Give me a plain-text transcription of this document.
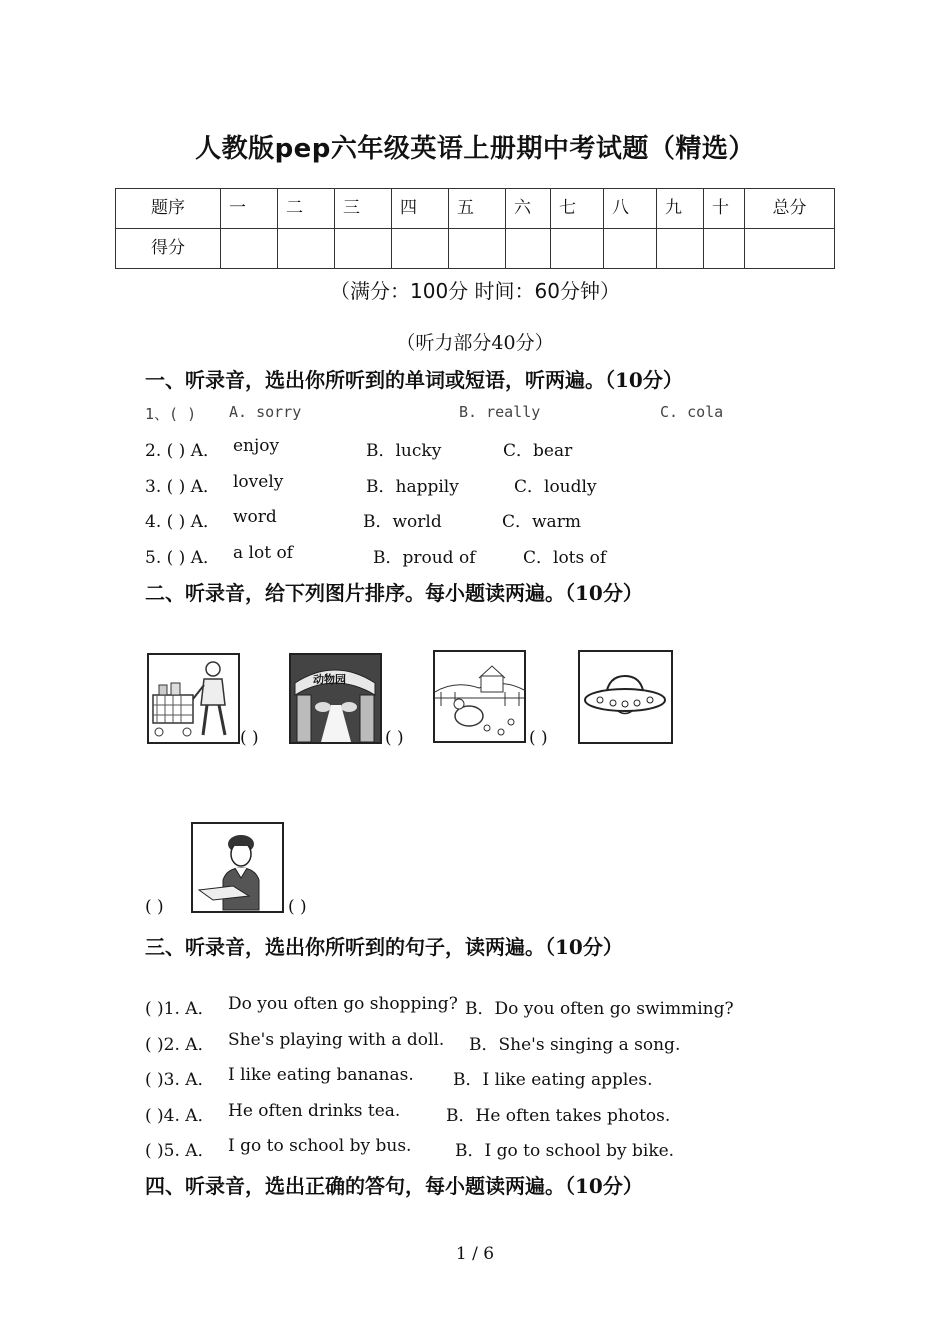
人教版pep六年级英语上册期中考试题（精选）
题序	一	二	三	四	五	六	七	八	九	十	总分
得分											
（满分：100分 时间：60分钟）
（听力部分40分）
一、听录音，选出你所听到的单词或短语，听两遍。（10分）
1、( ) A. sorry	B. really	C. cola
2. ( ) A． enjoy	B．lucky	C．bear
3. ( ) A． lovely	B．happily	C．loudly
4. ( ) A． word	B．world	C．warm
5. ( ) A． a lot of	B．proud of	C．lots of
二、听录音，给下列图片排序。每小题读两遍。（10分）
( )
动物园
( )	( )
( )	( )
三、听录音，选出你所听到的句子，读两遍。（10分）
( )1. A． Do you often go shopping? B．Do you often go swimming?
( )2. A． She's playing with a doll. B．She's singing a song.
( )3. A． I like eating bananas. B．I like eating apples.
( )4. A． He often drinks tea.	B．He often takes photos.
( )5. A． I go to school by bus.	B．I go to school by bike.
四、听录音，选出正确的答句，每小题读两遍。（10分）
1 / 6
